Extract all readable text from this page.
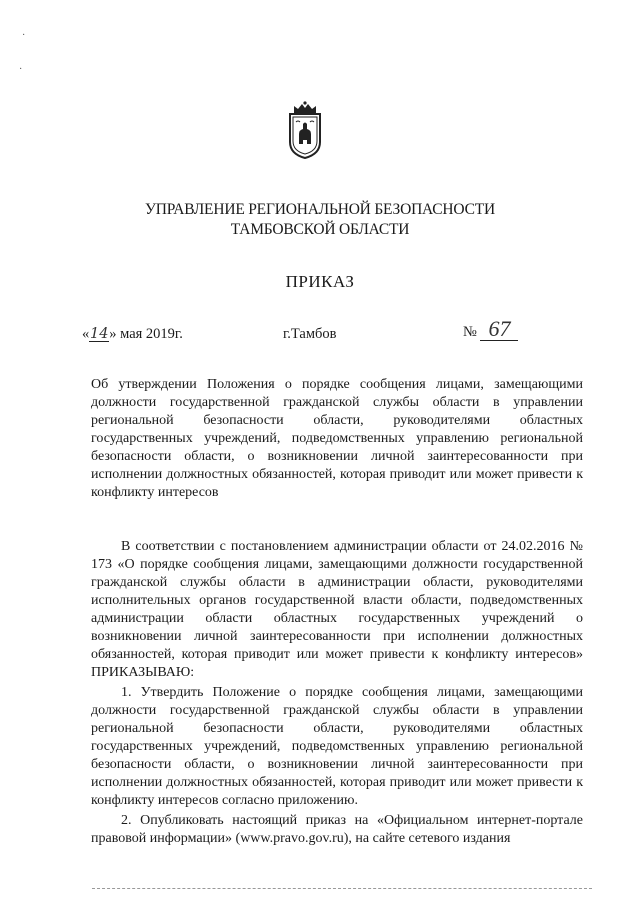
·
·
УПРАВЛЕНИЕ РЕГИОНАЛЬНОЙ БЕЗОПАСНОСТИ
ТАМБОВСКОЙ ОБЛАСТИ
ПРИКАЗ
«14» мая 2019г.	г.Тамбов	№ 67
Об утверждении Положения о порядке сообщения лицами, замещающими должности государственной гражданской службы области в управлении региональной безопасности области, руководителями областных государственных учреждений, подведомственных управлению региональной безопасности области, о возникновении личной заинтересованности при исполнении должностных обязанностей, которая приводит или может привести к конфликту интересов

В соответствии с постановлением администрации области от 24.02.2016 № 173 «О порядке сообщения лицами, замещающими должности государственной гражданской службы области в администрации области, руководителями исполнительных органов государственной власти области, подведомственных администрации области областных государственных учреждений о возникновении личной заинтересованности при исполнении должностных обязанностей, которая приводит или может привести к конфликту интересов» ПРИКАЗЫВАЮ:

1. Утвердить Положение о порядке сообщения лицами, замещающими должности государственной гражданской службы области в управлении региональной безопасности области, руководителями областных государственных учреждений, подведомственных управлению региональной безопасности области, о возникновении личной заинтересованности при исполнении должностных обязанностей, которая приводит или может привести к конфликту интересов согласно приложению.

2. Опубликовать настоящий приказ на «Официальном интернет-портале правовой информации» (www.pravo.gov.ru), на сайте сетевого издания
